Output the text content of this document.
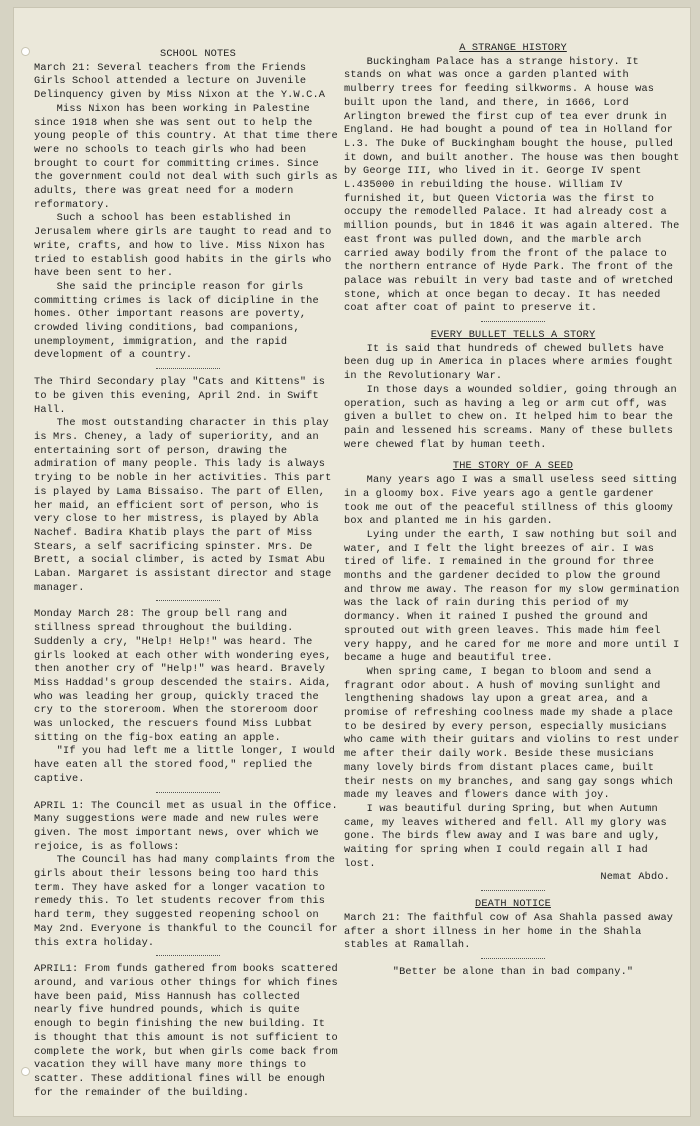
SCHOOL NOTES

March 21: Several teachers from the Friends Girls School attended a lecture on Juvenile Delinquency given by Miss Nixon at the Y.W.C.A

Miss Nixon has been working in Palestine since 1918 when she was sent out to help the young people of this country. At that time there were no schools to teach girls who had been brought to court for committing crimes. Since the government could not deal with such girls as adults, there was great need for a modern reformatory.

Such a school has been established in Jerusalem where girls are taught to read and to write, crafts, and how to live. Miss Nixon has tried to establish good habits in the girls who have been sent to her.

She said the principle reason for girls committing crimes is lack of dicipline in the homes. Other important reasons are poverty, crowded living conditions, bad companions, unemployment, immigration, and the rapid development of a country.

The Third Secondary play "Cats and Kittens" is to be given this evening, April 2nd. in Swift Hall.

The most outstanding character in this play is Mrs. Cheney, a lady of superiority, and an entertaining sort of person, drawing the admiration of many people. This lady is always trying to be noble in her activities. This part is played by Lama Bissaiso. The part of Ellen, her maid, an efficient sort of person, who is very close to her mistress, is played by Abla Nachef. Badira Khatib plays the part of Miss Stears, a self sacrificing spinster. Mrs. De Brett, a social climber, is acted by Ismat Abu Laban. Margaret is assistant director and stage manager.

Monday March 28: The group bell rang and stillness spread throughout the building. Suddenly a cry, "Help! Help!" was heard. The girls looked at each other with wondering eyes, then another cry of "Help!" was heard. Bravely Miss Haddad's group descended the stairs. Aida, who was leading her group, quickly traced the cry to the storeroom. When the storeroom door was unlocked, the rescuers found Miss Lubbat sitting on the fig-box eating an apple.

"If you had left me a little longer, I would have eaten all the stored food," replied the captive.

APRIL 1: The Council met as usual in the Office. Many suggestions were made and new rules were given. The most important news, over which we rejoice, is as follows:

The Council has had many complaints from the girls about their lessons being too hard this term. They have asked for a longer vacation to remedy this. To let students recover from this hard term, they suggested reopening school on May 2nd. Everyone is thankful to the Council for this extra holiday.

APRIL1: From funds gathered from books scattered around, and various other things for which fines have been paid, Miss Hannush has collected nearly five hundred pounds, which is quite enough to begin finishing the new building. It is thought that this amount is not sufficient to complete the work, but when girls come back from vacation they will have many more things to scatter. These additional fines will be enough for the remainder of the building.

A STRANGE HISTORY

Buckingham Palace has a strange history. It stands on what was once a garden planted with mulberry trees for feeding silkworms. A house was built upon the land, and there, in 1666, Lord Arlington brewed the first cup of tea ever drunk in England. He had bought a pound of tea in Holland for L.3. The Duke of Buckingham bought the house, pulled it down, and built another. The house was then bought by George III, who lived in it. George IV spent L.435000 in rebuilding the house. William IV furnished it, but Queen Victoria was the first to occupy the remodelled Palace. It had already cost a million pounds, but in 1846 it was again altered. The east front was pulled down, and the marble arch carried away bodily from the front of the palace to the northern entrance of Hyde Park. The front of the palace was rebuilt in very bad taste and of wretched stone, which at once began to decay. It has needed coat after coat of paint to preserve it.

EVERY BULLET TELLS A STORY

It is said that hundreds of chewed bullets have been dug up in America in places where armies fought in the Revolutionary War.

In those days a wounded soldier, going through an operation, such as having a leg or arm cut off, was given a bullet to chew on. It helped him to bear the pain and lessened his screams. Many of these bullets were chewed flat by human teeth.

THE STORY OF A SEED

Many years ago I was a small useless seed sitting in a gloomy box. Five years ago a gentle gardener took me out of the peaceful stillness of this gloomy box and planted me in his garden.

Lying under the earth, I saw nothing but soil and water, and I felt the light breezes of air. I was tired of life. I remained in the ground for three months and the gardener decided to plow the ground and throw me away. The reason for my slow germination was the lack of rain during this period of my dormancy. When it rained I pushed the ground and sprouted out with green leaves. This made him feel very happy, and he cared for me more and more until I became a huge and beautiful tree.

When spring came, I began to bloom and send a fragrant odor about. A hush of moving sunlight and lengthening shadows lay upon a great area, and a promise of refreshing coolness made my shade a place to be desired by every person, especially musicians who came with their guitars and violins to rest under me after their daily work. Beside these musicians many lovely birds from distant places came, built their nests on my branches, and sang gay songs which made my leaves and flowers dance with joy.

I was beautiful during Spring, but when Autumn came, my leaves withered and fell. All my glory was gone. The birds flew away and I was bare and ugly, waiting for spring when I could regain all I had lost.

Nemat Abdo.

DEATH NOTICE

March 21: The faithful cow of Asa Shahla passed away after a short illness in her home in the Shahla stables at Ramallah.

"Better be alone than in bad company."
